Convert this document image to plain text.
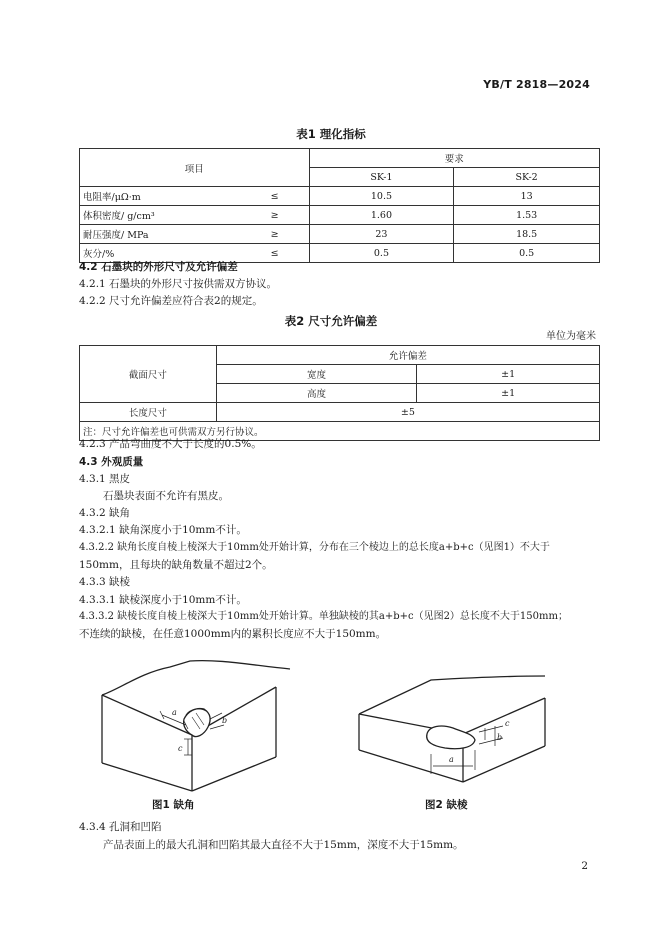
YB/T 2818—2024
表1 理化指标
项目		要求	
		SK-1	SK-2
电阻率/μΩ·m	≤	10.5	13
体积密度/ g/cm³	≥	1.60	1.53
耐压强度/ MPa	≥	23	18.5
灰分/%	≤	0.5	0.5
4.2 石墨块的外形尺寸及允许偏差
4.2.1 石墨块的外形尺寸按供需双方协议。
4.2.2 尺寸允许偏差应符合表2的规定。
表2 尺寸允许偏差
单位为毫米
截面尺寸	允许偏差	
	宽度	±1
	高度	±1
长度尺寸	±5	
注：尺寸允许偏差也可供需双方另行协议。		
4.2.3 产品弯曲度不大于长度的0.5%。
4.3 外观质量
4.3.1 黑皮
石墨块表面不允许有黑皮。
4.3.2 缺角
4.3.2.1 缺角深度小于10mm不计。
4.3.2.2 缺角长度自棱上棱深大于10mm处开始计算，分布在三个棱边上的总长度a+b+c（见图1）不大于
150mm，且每块的缺角数量不超过2个。
4.3.3 缺棱
4.3.3.1 缺棱深度小于10mm不计。
4.3.3.2 缺棱长度自棱上棱深大于10mm处开始计算。单独缺棱的其a+b+c（见图2）总长度不大于150mm；
不连续的缺棱，在任意1000mm内的累积长度应不大于150mm。
a
b
c
a
b
c
图1 缺角	图2 缺棱
4.3.4 孔洞和凹陷
产品表面上的最大孔洞和凹陷其最大直径不大于15mm，深度不大于15mm。
2
